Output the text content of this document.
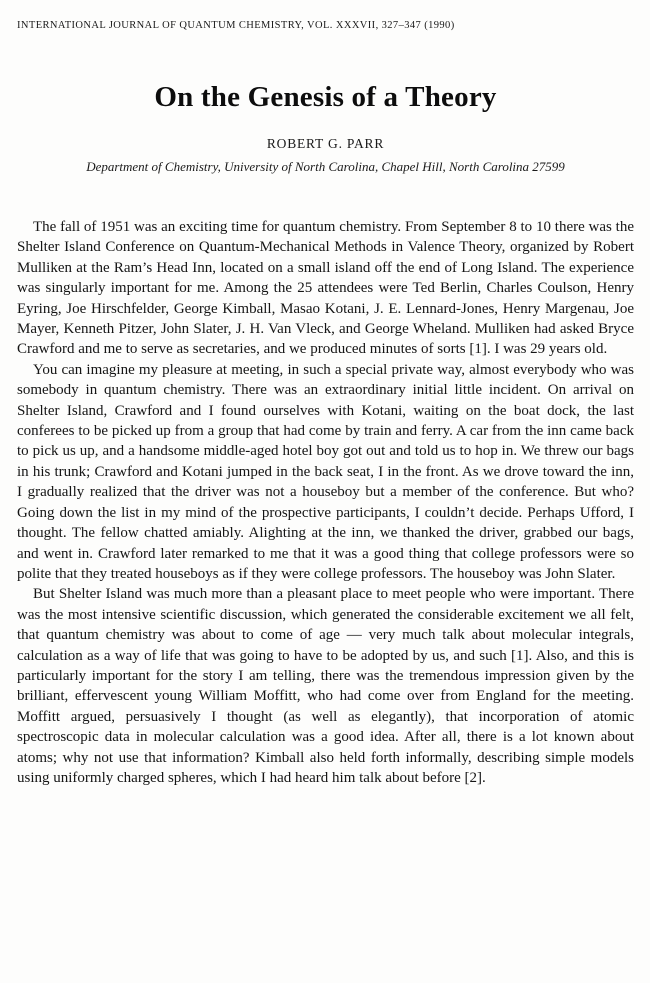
INTERNATIONAL JOURNAL OF QUANTUM CHEMISTRY, VOL. XXXVII, 327–347 (1990)
On the Genesis of a Theory
ROBERT G. PARR
Department of Chemistry, University of North Carolina, Chapel Hill, North Carolina 27599

The fall of 1951 was an exciting time for quantum chemistry. From September 8 to 10 there was the Shelter Island Conference on Quantum-Mechanical Methods in Valence Theory, organized by Robert Mulliken at the Ram’s Head Inn, located on a small island off the end of Long Island. The experience was singularly important for me. Among the 25 attendees were Ted Berlin, Charles Coulson, Henry Eyring, Joe Hirschfelder, George Kimball, Masao Kotani, J. E. Lennard-Jones, Henry Margenau, Joe Mayer, Kenneth Pitzer, John Slater, J. H. Van Vleck, and George Wheland. Mulliken had asked Bryce Crawford and me to serve as secretaries, and we produced minutes of sorts [1]. I was 29 years old.

You can imagine my pleasure at meeting, in such a special private way, almost everybody who was somebody in quantum chemistry. There was an extraordinary initial little incident. On arrival on Shelter Island, Crawford and I found ourselves with Kotani, waiting on the boat dock, the last conferees to be picked up from a group that had come by train and ferry. A car from the inn came back to pick us up, and a handsome middle-aged hotel boy got out and told us to hop in. We threw our bags in his trunk; Crawford and Kotani jumped in the back seat, I in the front. As we drove toward the inn, I gradually realized that the driver was not a houseboy but a member of the conference. But who? Going down the list in my mind of the prospective participants, I couldn’t decide. Perhaps Ufford, I thought. The fellow chatted amiably. Alighting at the inn, we thanked the driver, grabbed our bags, and went in. Crawford later remarked to me that it was a good thing that college professors were so polite that they treated houseboys as if they were college professors. The houseboy was John Slater.

But Shelter Island was much more than a pleasant place to meet people who were important. There was the most intensive scientific discussion, which generated the considerable excitement we all felt, that quantum chemistry was about to come of age — very much talk about molecular integrals, calculation as a way of life that was going to have to be adopted by us, and such [1]. Also, and this is particularly important for the story I am telling, there was the tremendous impression given by the brilliant, effervescent young William Moffitt, who had come over from England for the meeting. Moffitt argued, persuasively I thought (as well as elegantly), that incorporation of atomic spectroscopic data in molecular calculation was a good idea. After all, there is a lot known about atoms; why not use that information? Kimball also held forth informally, describing simple models using uniformly charged spheres, which I had heard him talk about before [2].
